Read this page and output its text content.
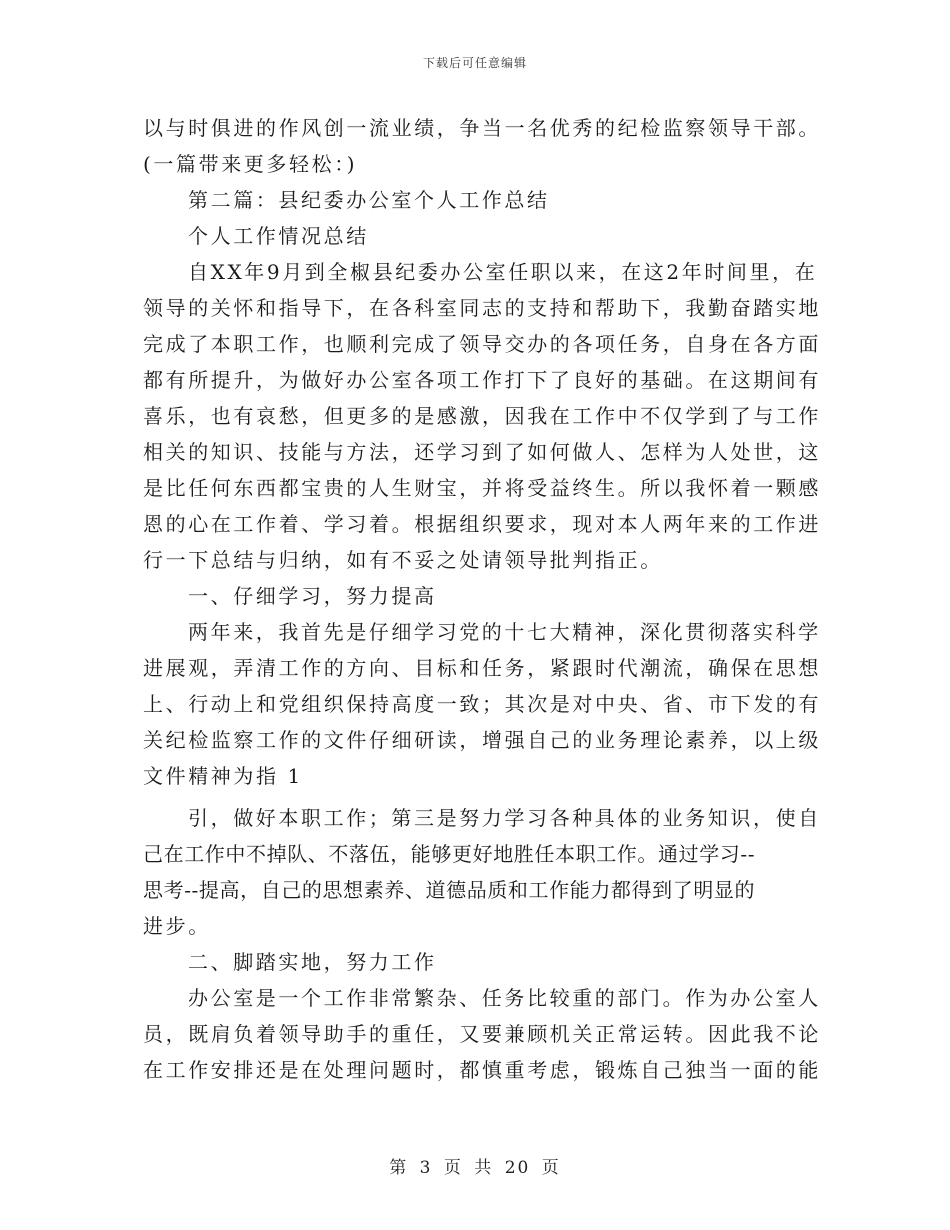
下载后可任意编辑
以与时俱进的作风创一流业绩，争当一名优秀的纪检监察领导干部。
(一篇带来更多轻松：)
第二篇：县纪委办公室个人工作总结
个人工作情况总结
自XX年9月到全椒县纪委办公室任职以来，在这2年时间里，在
领导的关怀和指导下，在各科室同志的支持和帮助下，我勤奋踏实地
完成了本职工作，也顺利完成了领导交办的各项任务，自身在各方面
都有所提升，为做好办公室各项工作打下了良好的基础。在这期间有
喜乐，也有哀愁，但更多的是感激，因我在工作中不仅学到了与工作
相关的知识、技能与方法，还学习到了如何做人、怎样为人处世，这
是比任何东西都宝贵的人生财宝，并将受益终生。所以我怀着一颗感
恩的心在工作着、学习着。根据组织要求，现对本人两年来的工作进
行一下总结与归纳，如有不妥之处请领导批判指正。
一、仔细学习，努力提高
两年来，我首先是仔细学习党的十七大精神，深化贯彻落实科学
进展观，弄清工作的方向、目标和任务，紧跟时代潮流，确保在思想
上、行动上和党组织保持高度一致；其次是对中央、省、市下发的有
关纪检监察工作的文件仔细研读，增强自己的业务理论素养，以上级
文件精神为指 1
引，做好本职工作；第三是努力学习各种具体的业务知识，使自
己在工作中不掉队、不落伍，能够更好地胜任本职工作。通过学习--
思考--提高，自己的思想素养、道德品质和工作能力都得到了明显的
进步。
二、脚踏实地，努力工作
办公室是一个工作非常繁杂、任务比较重的部门。作为办公室人
员，既肩负着领导助手的重任，又要兼顾机关正常运转。因此我不论
在工作安排还是在处理问题时，都慎重考虑，锻炼自己独当一面的能
第 3 页 共 20 页
